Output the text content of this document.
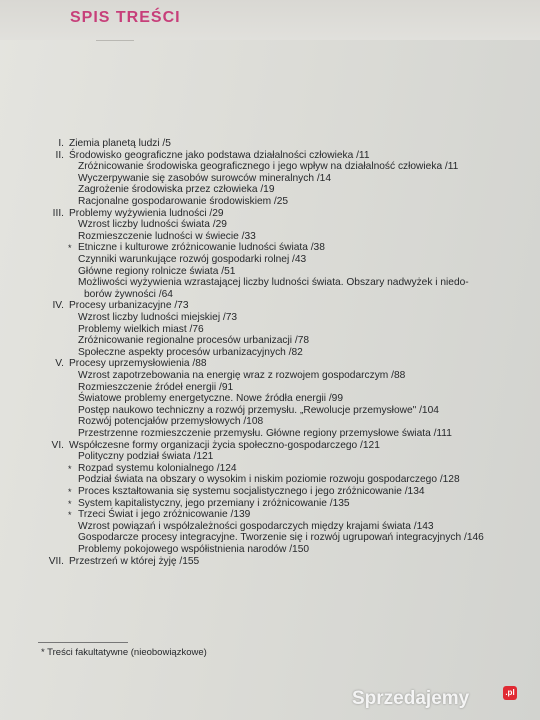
SPIS TREŚCI
I. Ziemia planetą ludzi /5
II. Środowisko geograficzne jako podstawa działalności człowieka /11
Zróżnicowanie środowiska geograficznego i jego wpływ na działalność człowieka /11
Wyczerpywanie się zasobów surowców mineralnych /14
Zagrożenie środowiska przez człowieka /19
Racjonalne gospodarowanie środowiskiem /25
III. Problemy wyżywienia ludności /29
Wzrost liczby ludności świata /29
Rozmieszczenie ludności w świecie /33
* Etniczne i kulturowe zróżnicowanie ludności świata /38
Czynniki warunkujące rozwój gospodarki rolnej /43
Główne regiony rolnicze świata /51
Możliwości wyżywienia wzrastającej liczby ludności świata. Obszary nadwyżek i niedo-
borów żywności /64
IV. Procesy urbanizacyjne /73
Wzrost liczby ludności miejskiej /73
Problemy wielkich miast /76
Zróżnicowanie regionalne procesów urbanizacji /78
Społeczne aspekty procesów urbanizacyjnych /82
V. Procesy uprzemysłowienia /88
Wzrost zapotrzebowania na energię wraz z rozwojem gospodarczym /88
Rozmieszczenie źródeł energii /91
Światowe problemy energetyczne. Nowe źródła energii /99
Postęp naukowo techniczny a rozwój przemysłu. „Rewolucje przemysłowe" /104
Rozwój potencjałów przemysłowych /108
Przestrzenne rozmieszczenie przemysłu. Główne regiony przemysłowe świata /111
VI. Współczesne formy organizacji życia społeczno-gospodarczego /121
Polityczny podział świata /121
* Rozpad systemu kolonialnego /124
Podział świata na obszary o wysokim i niskim poziomie rozwoju gospodarczego /128
* Proces kształtowania się systemu socjalistycznego i jego zróżnicowanie /134
* System kapitalistyczny, jego przemiany i zróżnicowanie /135
* Trzeci Świat i jego zróżnicowanie /139
Wzrost powiązań i współzależności gospodarczych między krajami świata /143
Gospodarcze procesy integracyjne. Tworzenie się i rozwój ugrupowań integracyjnych /146
Problemy pokojowego współistnienia narodów /150
VII. Przestrzeń w której żyję /155
* Treści fakultatywne (nieobowiązkowe)
Sprzedajemy	.pl
